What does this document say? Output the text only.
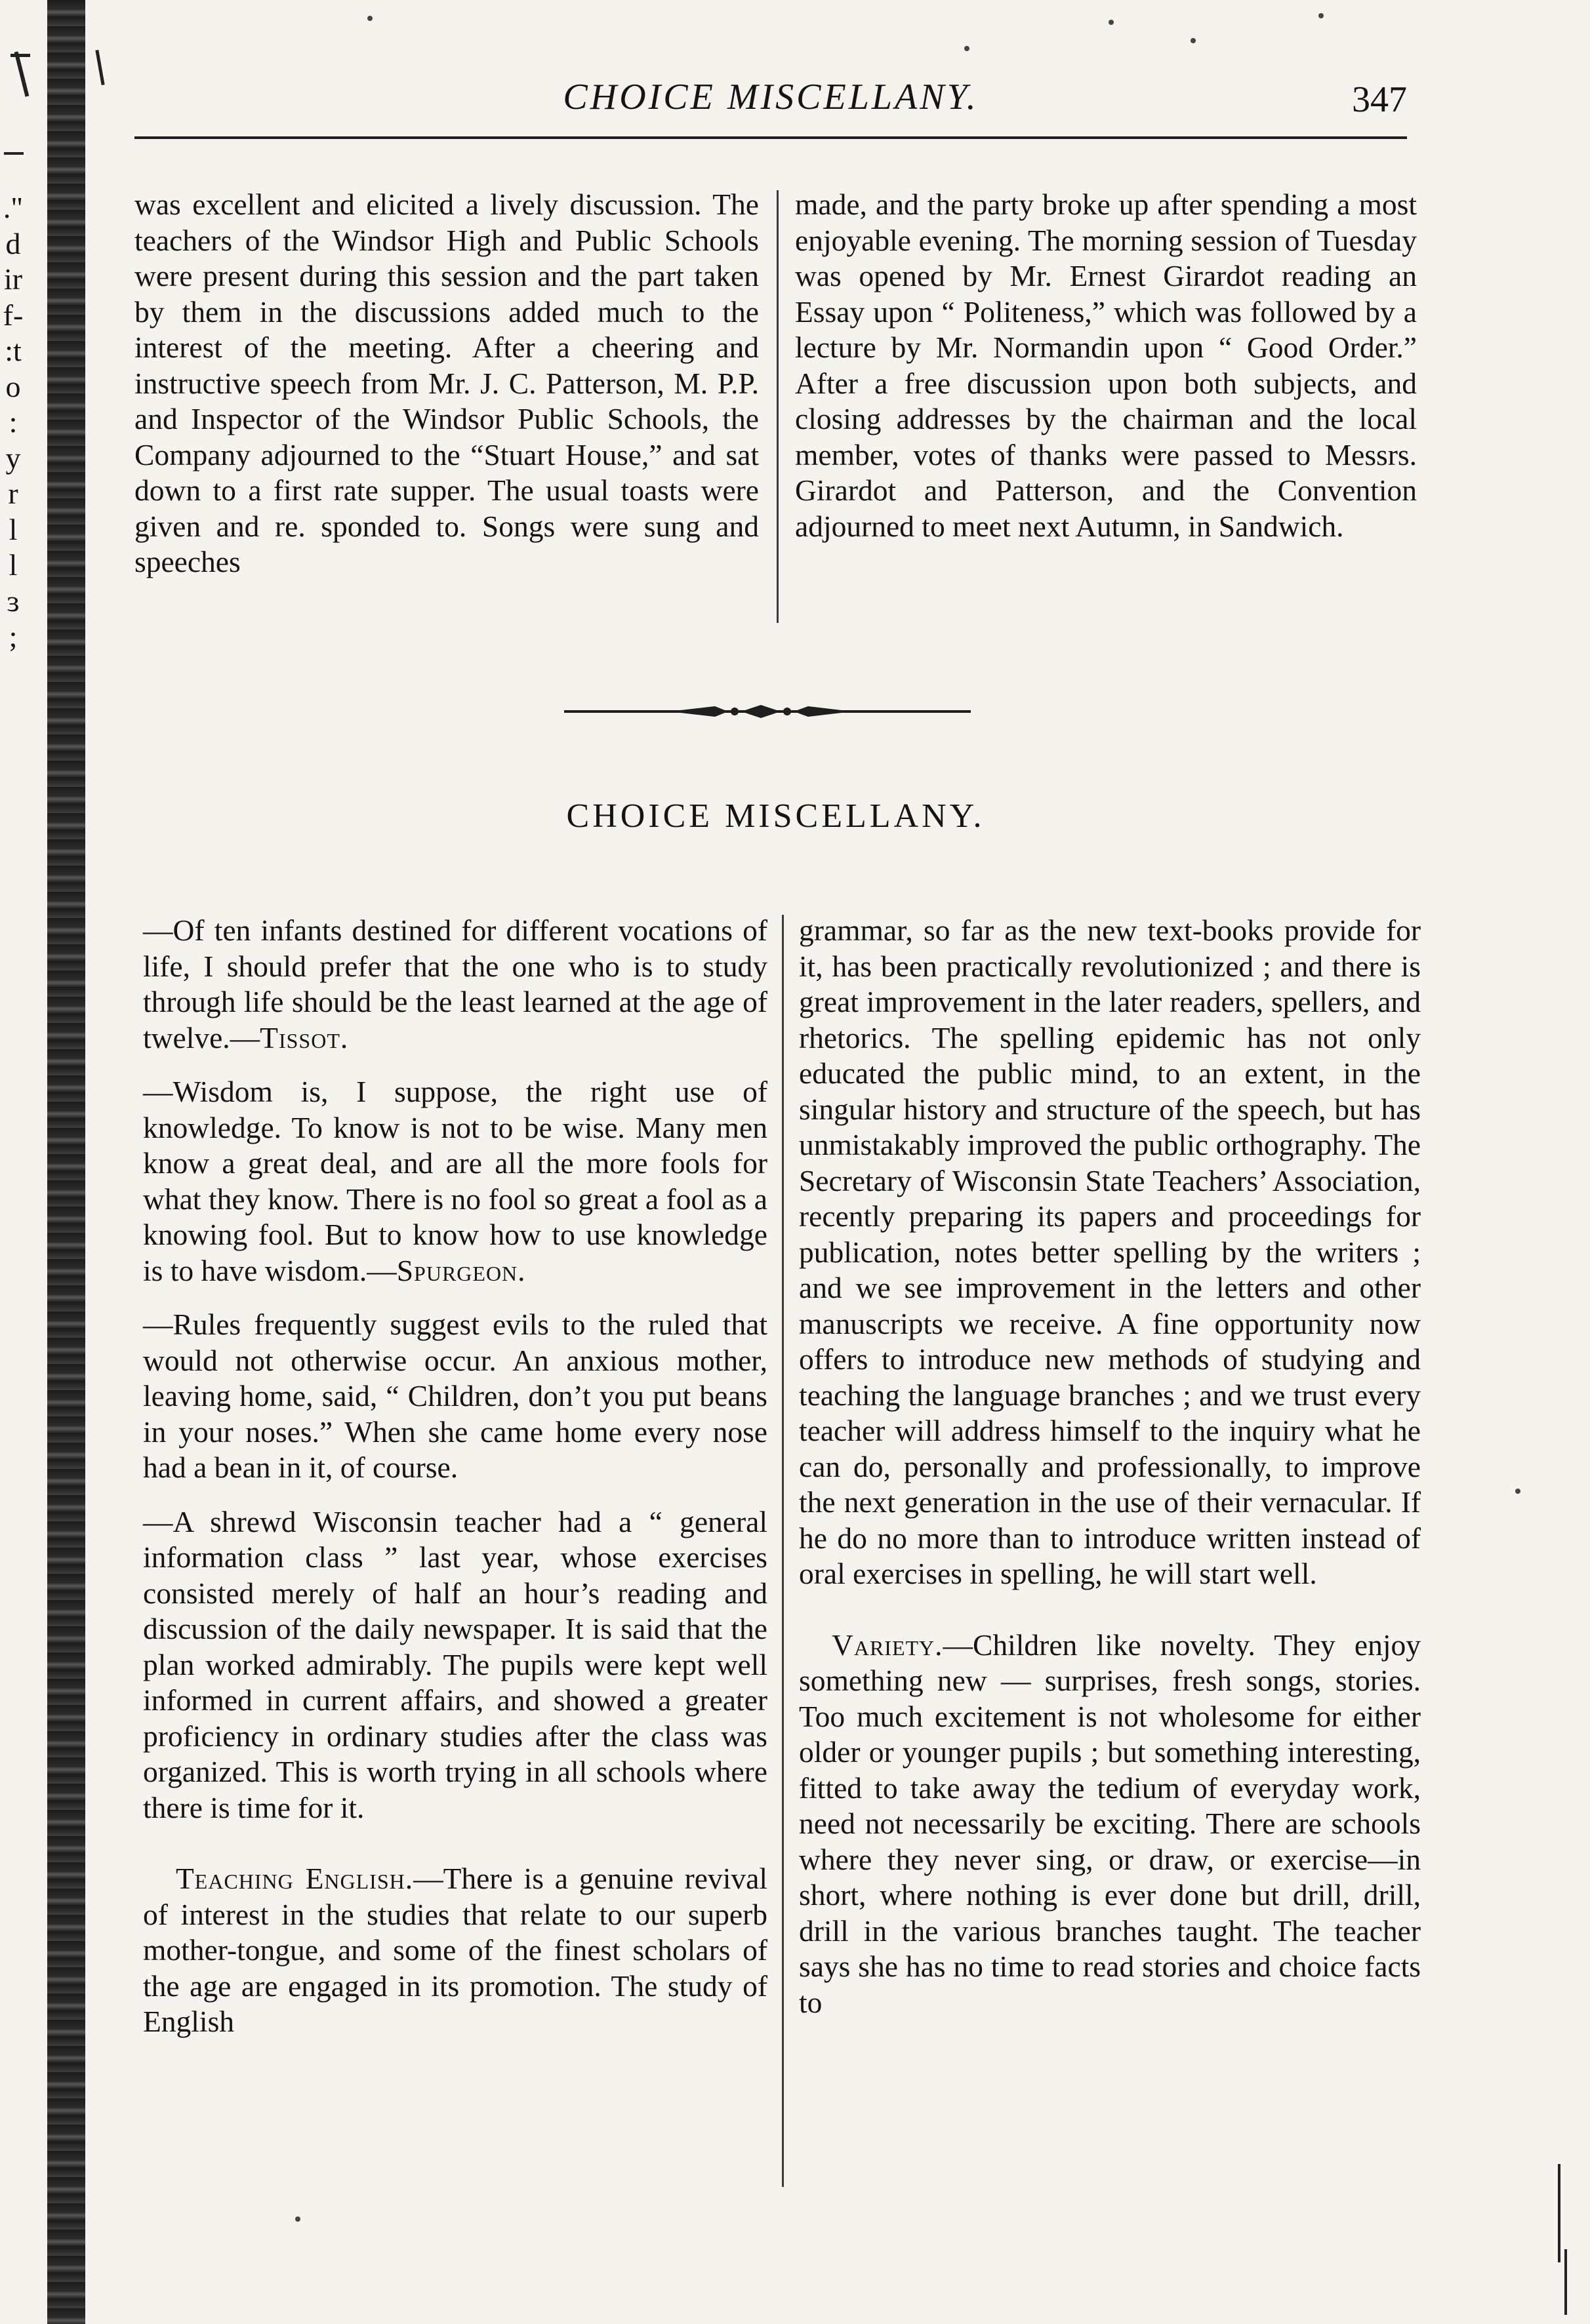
."
d
ir
f-
:t
o
:
y
r
l
l
ɜ
;
CHOICE MISCELLANY.	347

was excellent and elicited a lively discussion. The teachers of the Windsor High and Public Schools were present during this session and the part taken by them in the discussions added much to the interest of the meeting. After a cheering and instructive speech from Mr. J. C. Patterson, M. P.P. and Inspector of the Windsor Public Schools, the Company adjourned to the “Stuart House,” and sat down to a first rate supper. The usual toasts were given and re. sponded to. Songs were sung and speeches

made, and the party broke up after spending a most enjoyable evening. The morning session of Tuesday was opened by Mr. Ernest Girardot reading an Essay upon “ Politeness,” which was followed by a lecture by Mr. Normandin upon “ Good Order.” After a free discussion upon both subjects, and closing addresses by the chairman and the local member, votes of thanks were passed to Messrs. Girardot and Patterson, and the Convention adjourned to meet next Autumn, in Sandwich.

CHOICE MISCELLANY.

—Of ten infants destined for different vocations of life, I should prefer that the one who is to study through life should be the least learned at the age of twelve.—Tissot.

—Wisdom is, I suppose, the right use of knowledge. To know is not to be wise. Many men know a great deal, and are all the more fools for what they know. There is no fool so great a fool as a knowing fool. But to know how to use knowledge is to have wisdom.—Spurgeon.

—Rules frequently suggest evils to the ruled that would not otherwise occur. An anxious mother, leaving home, said, “ Children, don’t you put beans in your noses.” When she came home every nose had a bean in it, of course.

—A shrewd Wisconsin teacher had a “ general information class ” last year, whose exercises consisted merely of half an hour’s reading and discussion of the daily newspaper. It is said that the plan worked admirably. The pupils were kept well informed in current affairs, and showed a greater proficiency in ordinary studies after the class was organized. This is worth trying in all schools where there is time for it.

Teaching English.—There is a genuine revival of interest in the studies that relate to our superb mother-tongue, and some of the finest scholars of the age are engaged in its promotion. The study of English

grammar, so far as the new text-books provide for it, has been practically revolutionized ; and there is great improvement in the later readers, spellers, and rhetorics. The spelling epidemic has not only educated the public mind, to an extent, in the singular history and structure of the speech, but has unmistakably improved the public orthography. The Secretary of Wisconsin State Teachers’ Association, recently preparing its papers and proceedings for publication, notes better spelling by the writers ; and we see improvement in the letters and other manuscripts we receive. A fine opportunity now offers to introduce new methods of studying and teaching the language branches ; and we trust every teacher will address himself to the inquiry what he can do, personally and professionally, to improve the next generation in the use of their vernacular. If he do no more than to introduce written instead of oral exercises in spelling, he will start well.

Variety.—Children like novelty. They enjoy something new — surprises, fresh songs, stories. Too much excitement is not wholesome for either older or younger pupils ; but something interesting, fitted to take away the tedium of everyday work, need not necessarily be exciting. There are schools where they never sing, or draw, or exercise—in short, where nothing is ever done but drill, drill, drill in the various branches taught. The teacher says she has no time to read stories and choice facts to
